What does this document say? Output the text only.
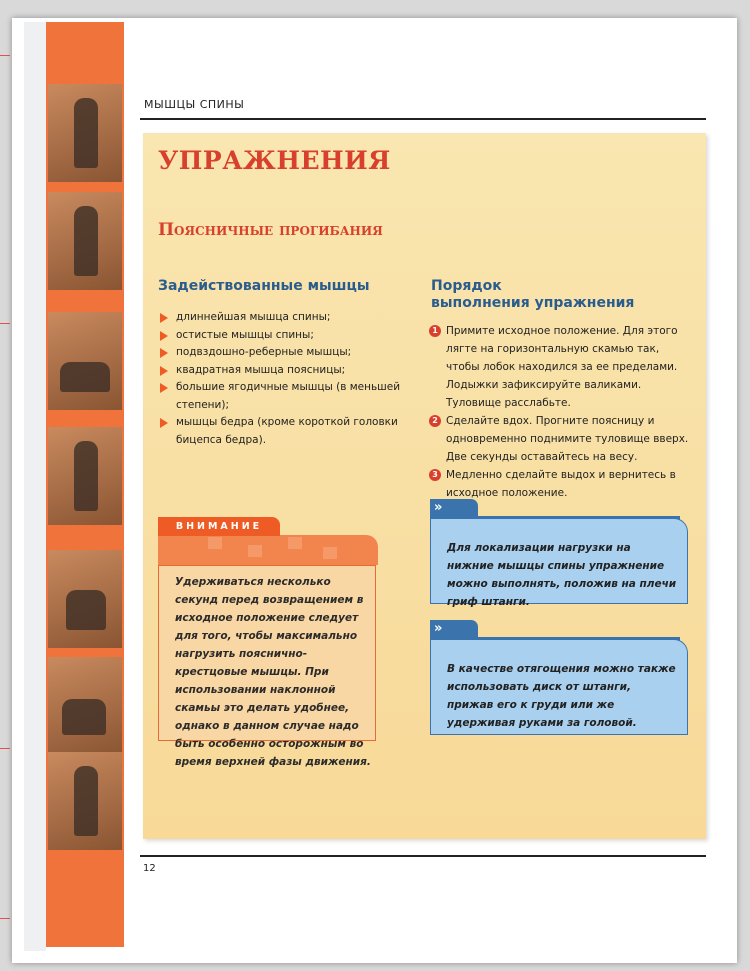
МЫШЦЫ СПИНЫ
УПРАЖНЕНИЯ
Поясничные прогибания
Задействованные мышцы
длиннейшая мышца спины;
остистые мышцы спины;
подвздошно-реберные мышцы;
квадратная мышца поясницы;
большие ягодичные мышцы (в меньшей степени);
мышцы бедра (кроме короткой головки бицепса бедра).
Порядок
выполнения упражнения
1 Примите исходное положение. Для этого лягте на горизонтальную скамью так, чтобы лобок находился за ее пределами. Лодыжки зафиксируйте валиками. Туловище расслабьте.
2 Сделайте вдох. Прогните поясницу и одновременно поднимите туловище вверх. Две секунды оставайтесь на весу.
3 Медленно сделайте выдох и вернитесь в исходное положение.
ВНИМАНИЕ
Удерживаться несколько секунд перед возвращением в исходное положение следует для того, чтобы максимально нагрузить пояснично-крестцовые мышцы. При использовании наклонной скамьы это делать удобнее, однако в данном случае надо быть особенно осторожным во время верхней фазы движения.
»
Для локализации нагрузки на нижние мышцы спины упражнение можно выполнять, положив на плечи гриф штанги.
»
В качестве отягощения можно также использовать диск от штанги, прижав его к груди или же удерживая руками за головой.
12
